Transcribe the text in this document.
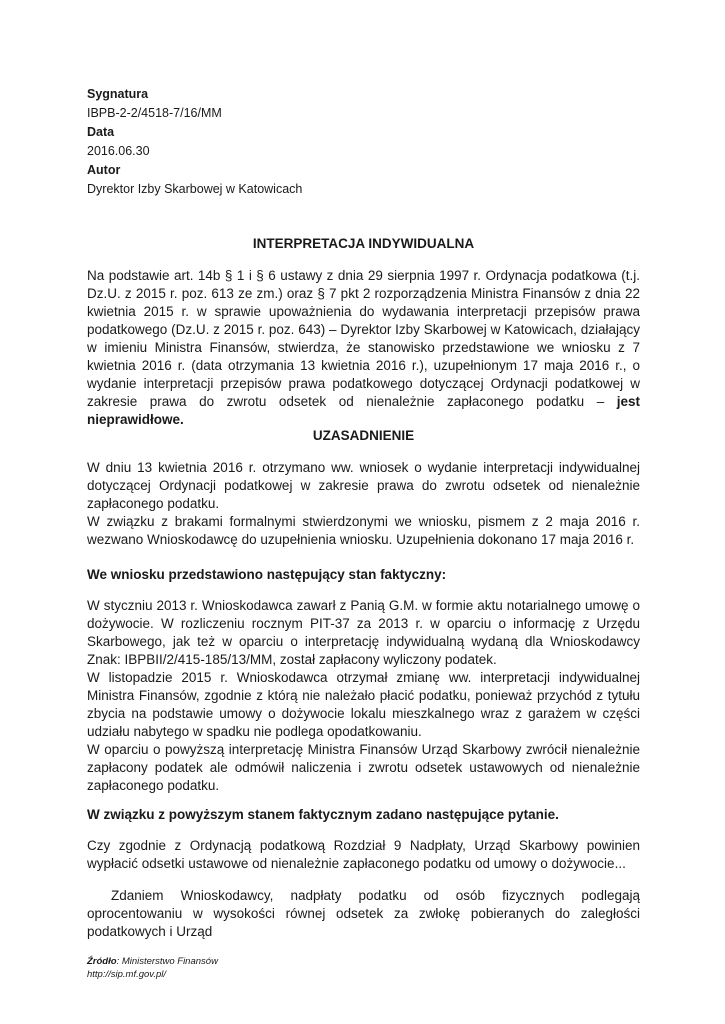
Sygnatura
IBPB-2-2/4518-7/16/MM
Data
2016.06.30
Autor
Dyrektor Izby Skarbowej w Katowicach
INTERPRETACJA INDYWIDUALNA

Na podstawie art. 14b § 1 i § 6 ustawy z dnia 29 sierpnia 1997 r. Ordynacja podatkowa (t.j. Dz.U. z 2015 r. poz. 613 ze zm.) oraz § 7 pkt 2 rozporządzenia Ministra Finansów z dnia 22 kwietnia 2015 r. w sprawie upoważnienia do wydawania interpretacji przepisów prawa podatkowego (Dz.U. z 2015 r. poz. 643) – Dyrektor Izby Skarbowej w Katowicach, działający w imieniu Ministra Finansów, stwierdza, że stanowisko przedstawione we wniosku z 7 kwietnia 2016 r. (data otrzymania 13 kwietnia 2016 r.), uzupełnionym 17 maja 2016 r., o wydanie interpretacji przepisów prawa podatkowego dotyczącej Ordynacji podatkowej w zakresie prawa do zwrotu odsetek od nienależnie zapłaconego podatku – jest nieprawidłowe.

UZASADNIENIE

W dniu 13 kwietnia 2016 r. otrzymano ww. wniosek o wydanie interpretacji indywidualnej dotyczącej Ordynacji podatkowej w zakresie prawa do zwrotu odsetek od nienależnie zapłaconego podatku.

W związku z brakami formalnymi stwierdzonymi we wniosku, pismem z 2 maja 2016 r. wezwano Wnioskodawcę do uzupełnienia wniosku. Uzupełnienia dokonano 17 maja 2016 r.

We wniosku przedstawiono następujący stan faktyczny:

W styczniu 2013 r. Wnioskodawca zawarł z Panią G.M. w formie aktu notarialnego umowę o dożywocie. W rozliczeniu rocznym PIT-37 za 2013 r. w oparciu o informację z Urzędu Skarbowego, jak też w oparciu o interpretację indywidualną wydaną dla Wnioskodawcy Znak: IBPBII/2/415-185/13/MM, został zapłacony wyliczony podatek.

W listopadzie 2015 r. Wnioskodawca otrzymał zmianę ww. interpretacji indywidualnej Ministra Finansów, zgodnie z którą nie należało płacić podatku, ponieważ przychód z tytułu zbycia na podstawie umowy o dożywocie lokalu mieszkalnego wraz z garażem w części udziału nabytego w spadku nie podlega opodatkowaniu.

W oparciu o powyższą interpretację Ministra Finansów Urząd Skarbowy zwrócił nienależnie zapłacony podatek ale odmówił naliczenia i zwrotu odsetek ustawowych od nienależnie zapłaconego podatku.

W związku z powyższym stanem faktycznym zadano następujące pytanie.

Czy zgodnie z Ordynacją podatkową Rozdział 9 Nadpłaty, Urząd Skarbowy powinien wypłacić odsetki ustawowe od nienależnie zapłaconego podatku od umowy o dożywocie...

Zdaniem Wnioskodawcy, nadpłaty podatku od osób fizycznych podlegają oprocentowaniu w wysokości równej odsetek za zwłokę pobieranych do zaległości podatkowych i Urząd

Źródło: Ministerstwo Finansów
http://sip.mf.gov.pl/
